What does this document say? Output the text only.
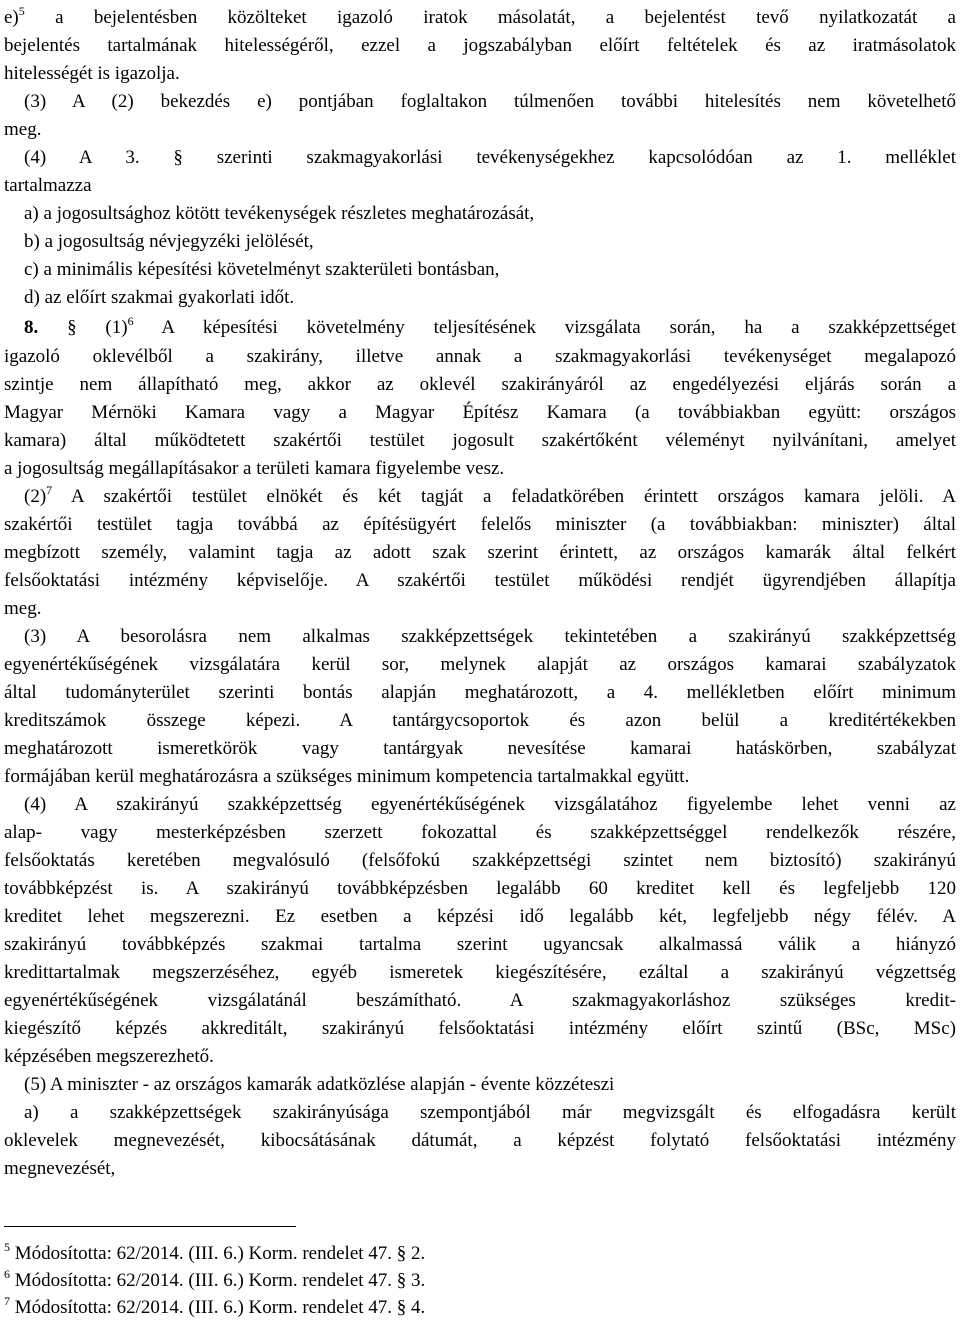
e)$^5$ a bejelentésben közölteket igazoló iratok másolatát, a bejelentést tevő nyilatkozatát a
bejelentés tartalmának hitelességéről, ezzel a jogszabályban előírt feltételek és az iratmásolatok
hitelességét is igazolja.
(3) A (2) bekezdés e) pontjában foglaltakon túlmenően további hitelesítés nem követelhető
meg.
(4) A 3. § szerinti szakmagyakorlási tevékenységekhez kapcsolódóan az 1. melléklet
tartalmazza
a) a jogosultsághoz kötött tevékenységek részletes meghatározását,
b) a jogosultság névjegyzéki jelölését,
c) a minimális képesítési követelményt szakterületi bontásban,
d) az előírt szakmai gyakorlati időt.
8. § $(1)^6$ A képesítési követelmény teljesítésének vizsgálata során, ha a szakképzettséget
igazoló oklevélből a szakirány, illetve annak a szakmagyakorlási tevékenységet megalapozó
szintje nem állapítható meg, akkor az oklevél szakirányáról az engedélyezési eljárás során a
Magyar Mérnöki Kamara vagy a Magyar Építész Kamara (a továbbiakban együtt: országos
kamara) által működtetett szakértői testület jogosult szakértőként véleményt nyilvánítani, amelyet
a jogosultság megállapításakor a területi kamara figyelembe vesz.
$(2)^7$ A szakértői testület elnökét és két tagját a feladatkörében érintett országos kamara jelöli. A
szakértői testület tagja továbbá az építésügyért felelős miniszter (a továbbiakban: miniszter) által
megbízott személy, valamint tagja az adott szak szerint érintett, az országos kamarák által felkért
felsőoktatási intézmény képviselője. A szakértői testület működési rendjét ügyrendjében állapítja
meg.
(3) A besorolásra nem alkalmas szakképzettségek tekintetében a szakirányú szakképzettség
egyenértékűségének vizsgálatára kerül sor, melynek alapját az országos kamarai szabályzatok
által tudományterület szerinti bontás alapján meghatározott, a 4. mellékletben előírt minimum
kreditszámok összege képezi. A tantárgycsoportok és azon belül a kreditértékekben
meghatározott ismeretkörök vagy tantárgyak nevesítése kamarai hatáskörben, szabályzat
formájában kerül meghatározásra a szükséges minimum kompetencia tartalmakkal együtt.
(4) A szakirányú szakképzettség egyenértékűségének vizsgálatához figyelembe lehet venni az
alap- vagy mesterképzésben szerzett fokozattal és szakképzettséggel rendelkezők részére,
felsőoktatás keretében megvalósuló (felsőfokú szakképzettségi szintet nem biztosító) szakirányú
továbbképzést is. A szakirányú továbbképzésben legalább 60 kreditet kell és legfeljebb 120
kreditet lehet megszerezni. Ez esetben a képzési idő legalább két, legfeljebb négy félév. A
szakirányú továbbképzés szakmai tartalma szerint ugyancsak alkalmassá válik a hiányzó
kredittartalmak megszerzéséhez, egyéb ismeretek kiegészítésére, ezáltal a szakirányú végzettség
egyenértékűségének vizsgálatánál beszámítható. A szakmagyakorláshoz szükséges kredit-
kiegészítő képzés akkreditált, szakirányú felsőoktatási intézmény előírt szintű (BSc, MSc)
képzésében megszerezhető.
(5) A miniszter - az országos kamarák adatközlése alapján - évente közzéteszi
a) a szakképzettségek szakirányúsága szempontjából már megvizsgált és elfogadásra került
oklevelek megnevezését, kibocsátásának dátumát, a képzést folytató felsőoktatási intézmény
megnevezését,
$^5$ Módosította: 62/2014. (III. 6.) Korm. rendelet 47. § 2.
$^6$ Módosította: 62/2014. (III. 6.) Korm. rendelet 47. § 3.
$^7$ Módosította: 62/2014. (III. 6.) Korm. rendelet 47. § 4.
